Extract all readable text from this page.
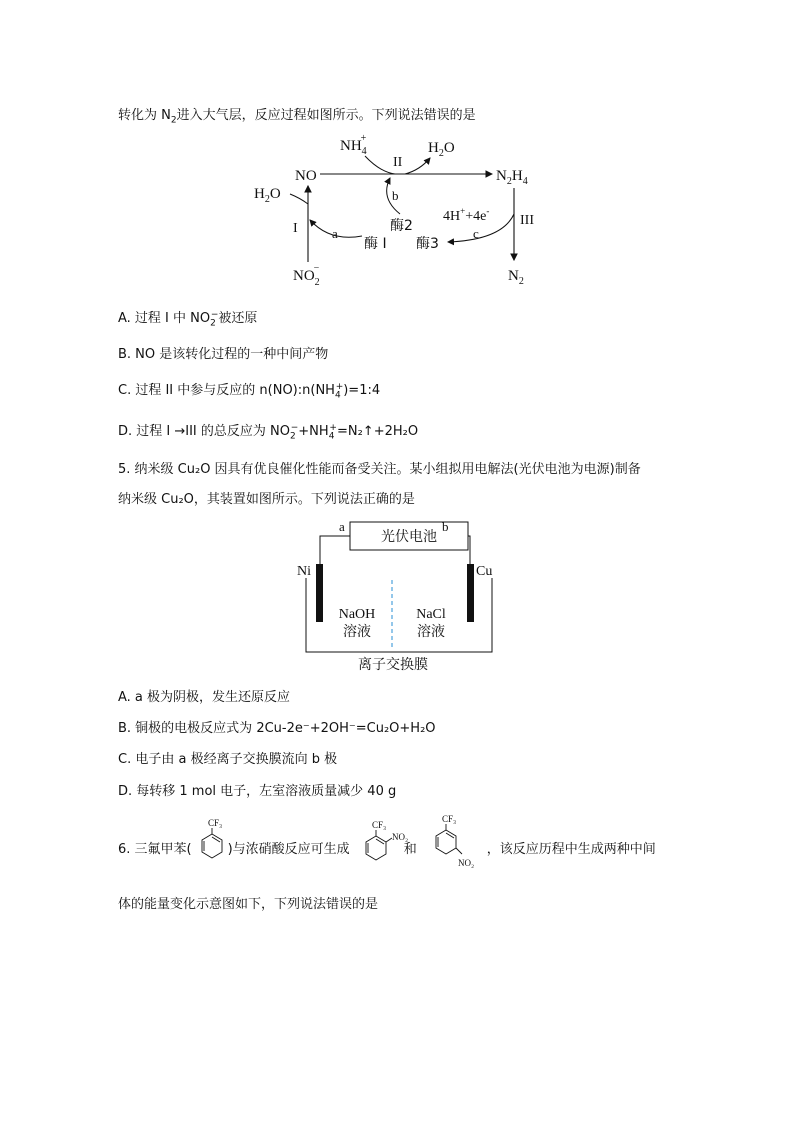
转化为 $N_2$进入大气层，反应过程如图所示。下列说法错误的是
NO
$NH_4+$
II
$H_2O$
$N_2H_4$
$H_2O$	b
酶2
4H++4e-
III
c
酶3
酶 I
I	a
$NO_2-$	$N_2$
A. 过程 I 中 $NO_2^-$被还原
B. NO 是该转化过程的一种中间产物
C. 过程 II 中参与反应的 $n(NO):n(NH_4^+)=1:4$
D. 过程 I →III 的总反应为 $NO_2^-+NH_4^+=N_2↑+2H_2O$
5. 纳米级 Cu₂O 因具有优良催化性能而备受关注。某小组拟用电解法(光伏电池为电源)制备
纳米级 Cu₂O，其装置如图所示。下列说法正确的是
光伏电池
a	b
Ni	Cu
NaOH
溶液
NaCl
溶液
离子交换膜
A. a 极为阴极，发生还原反应
B. 铜极的电极反应式为 2Cu-2e⁻+2OH⁻=Cu₂O+H₂O
C. 电子由 a 极经离子交换膜流向 b 极
D. 每转移 1 mol 电子，左室溶液质量减少 40 g
6. 三氟甲苯(	)与浓硝酸反应可生成	和	，该反应历程中生成两种中间
CF₃	CF₃
NO₂
CF₃
NO₂
体的能量变化示意图如下，下列说法错误的是
